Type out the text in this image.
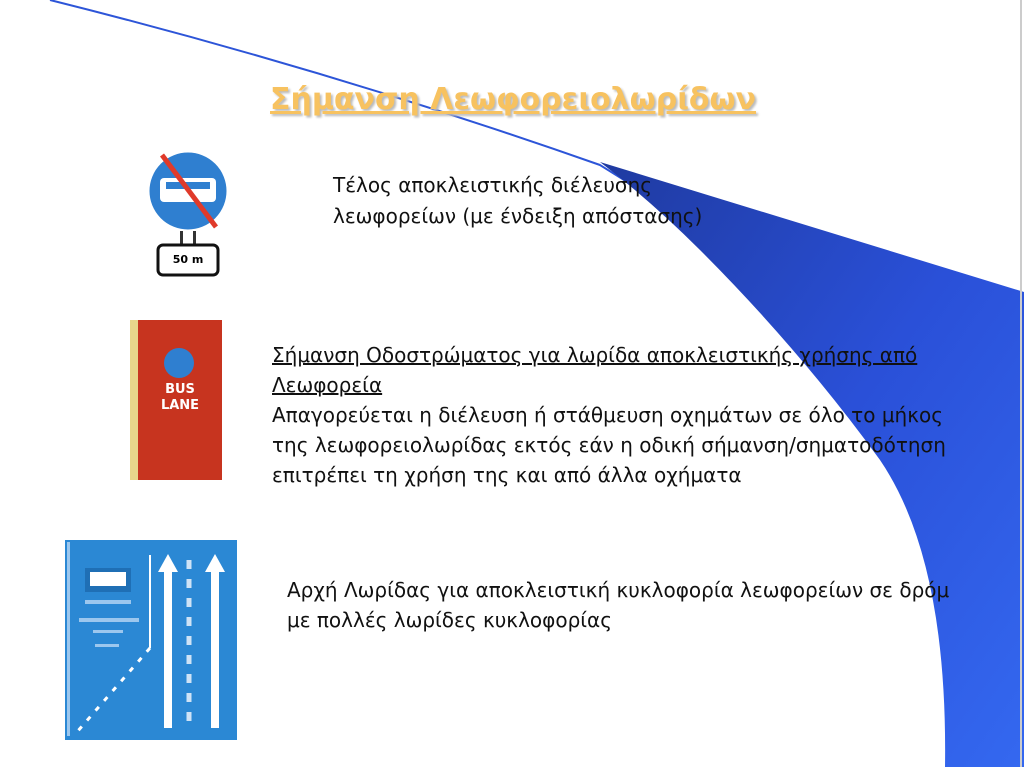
Σήμανση Λεωφορειολωρίδων
50 m
BUS
LANE
Τέλος αποκλειστικής διέλευσης
λεωφορείων (με ένδειξη απόστασης)
Σήμανση Οδοστρώματος για λωρίδα αποκλειστικής χρήσης από
Λεωφορεία
Απαγορεύεται η διέλευση ή στάθμευση οχημάτων σε όλο το μήκος
της λεωφορειολωρίδας εκτός εάν η οδική σήμανση/σηματοδότηση
επιτρέπει τη χρήση της και από άλλα οχήματα
Αρχή Λωρίδας για αποκλειστική κυκλοφορία λεωφορείων σε δρόμ
με πολλές λωρίδες κυκλοφορίας
